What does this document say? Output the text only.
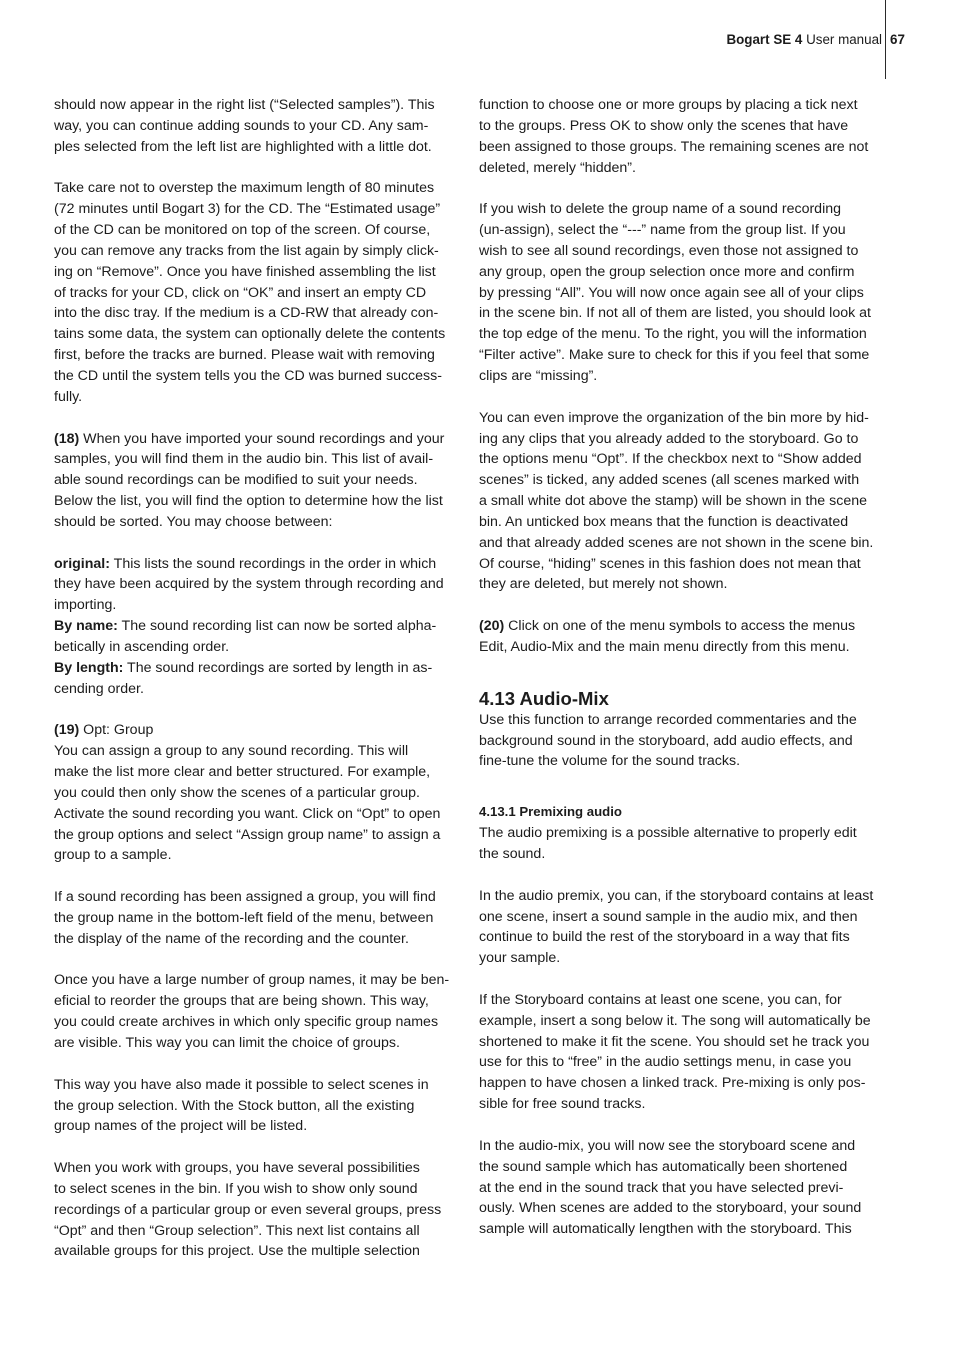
Bogart SE 4 User manual 67

should now appear in the right list (“Selected samples”). This
way, you can continue adding sounds to your CD. Any sam-
ples selected from the left list are highlighted with a little dot.

Take care not to overstep the maximum length of 80 minutes
(72 minutes until Bogart 3) for the CD. The “Estimated usage”
of the CD can be monitored on top of the screen. Of course,
you can remove any tracks from the list again by simply click-
ing on “Remove”. Once you have finished assembling the list
of tracks for your CD, click on “OK” and insert an empty CD
into the disc tray. If the medium is a CD-RW that already con-
tains some data, the system can optionally delete the contents
first, before the tracks are burned. Please wait with removing
the CD until the system tells you the CD was burned success-
fully.

(18) When you have imported your sound recordings and your
samples, you will find them in the audio bin. This list of avail-
able sound recordings can be modified to suit your needs.
Below the list, you will find the option to determine how the list
should be sorted. You may choose between:

original: This lists the sound recordings in the order in which
they have been acquired by the system through recording and
importing.

By name: The sound recording list can now be sorted alpha-
betically in ascending order.

By length: The sound recordings are sorted by length in as-
cending order.

(19) Opt: Group

You can assign a group to any sound recording. This will
make the list more clear and better structured. For example,
you could then only show the scenes of a particular group.
Activate the sound recording you want. Click on “Opt” to open
the group options and select “Assign group name” to assign a
group to a sample.

If a sound recording has been assigned a group, you will find
the group name in the bottom-left field of the menu, between
the display of the name of the recording and the counter.

Once you have a large number of group names, it may be ben-
eficial to reorder the groups that are being shown. This way,
you could create archives in which only specific group names
are visible. This way you can limit the choice of groups.

This way you have also made it possible to select scenes in
the group selection. With the Stock button, all the existing
group names of the project will be listed.

When you work with groups, you have several possibilities
to select scenes in the bin. If you wish to show only sound
recordings of a particular group or even several groups, press
“Opt” and then “Group selection”. This next list contains all
available groups for this project. Use the multiple selection

function to choose one or more groups by placing a tick next
to the groups. Press OK to show only the scenes that have
been assigned to those groups. The remaining scenes are not
deleted, merely “hidden”.

If you wish to delete the group name of a sound recording
(un-assign), select the “---” name from the group list. If you
wish to see all sound recordings, even those not assigned to
any group, open the group selection once more and confirm
by pressing “All”. You will now once again see all of your clips
in the scene bin. If not all of them are listed, you should look at
the top edge of the menu. To the right, you will the information
“Filter active”. Make sure to check for this if you feel that some
clips are “missing”.

You can even improve the organization of the bin more by hid-
ing any clips that you already added to the storyboard. Go to
the options menu “Opt”. If the checkbox next to “Show added
scenes” is ticked, any added scenes (all scenes marked with
a small white dot above the stamp) will be shown in the scene
bin. An unticked box means that the function is deactivated
and that already added scenes are not shown in the scene bin.
Of course, “hiding” scenes in this fashion does not mean that
they are deleted, but merely not shown.

(20) Click on one of the menu symbols to access the menus
Edit, Audio-Mix and the main menu directly from this menu.

4.13 Audio-Mix

Use this function to arrange recorded commentaries and the
background sound in the storyboard, add audio effects, and
fine-tune the volume for the sound tracks.

4.13.1 Premixing audio

The audio premixing is a possible alternative to properly edit
the sound.

In the audio premix, you can, if the storyboard contains at least
one scene, insert a sound sample in the audio mix, and then
continue to build the rest of the storyboard in a way that fits
your sample.

If the Storyboard contains at least one scene, you can, for
example, insert a song below it. The song will automatically be
shortened to make it fit the scene. You should set he track you
use for this to “free” in the audio settings menu, in case you
happen to have chosen a linked track. Pre-mixing is only pos-
sible for free sound tracks.

In the audio-mix, you will now see the storyboard scene and
the sound sample which has automatically been shortened
at the end in the sound track that you have selected previ-
ously. When scenes are added to the storyboard, your sound
sample will automatically lengthen with the storyboard. This
